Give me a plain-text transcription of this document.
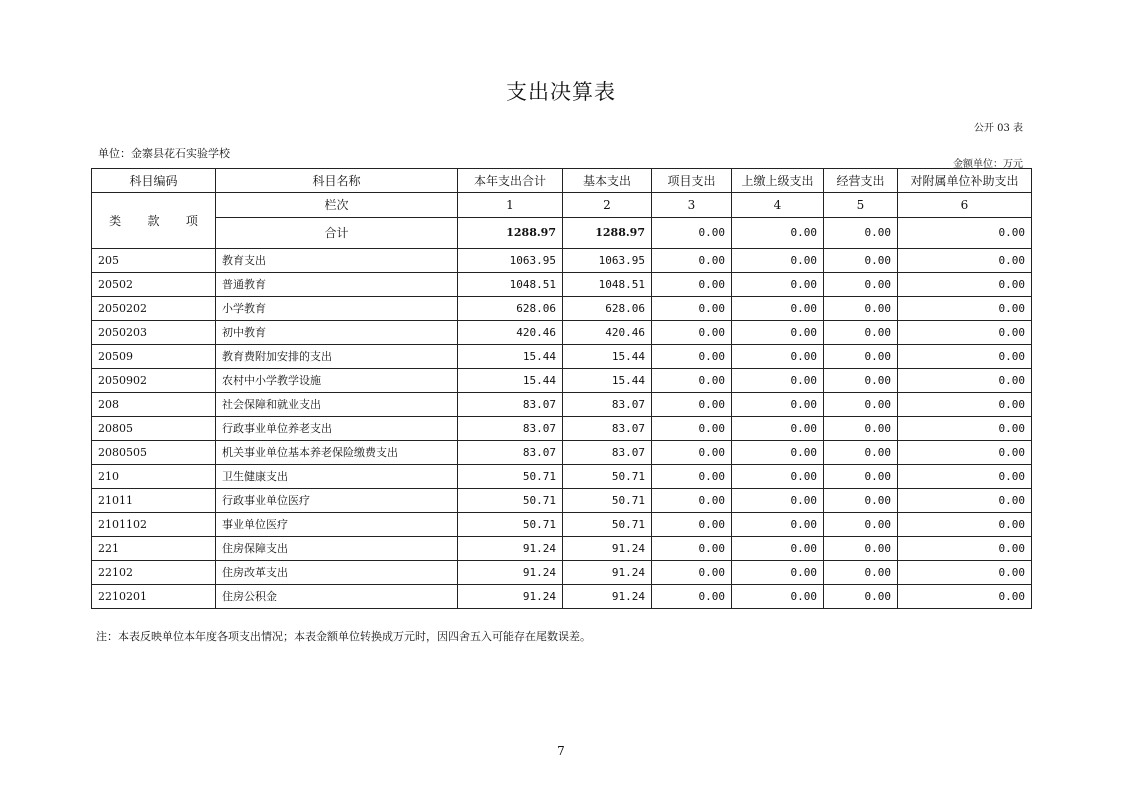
支出决算表
公开 03 表
单位：金寨县花石实验学校
金额单位：万元
科目编码	科目名称	本年支出合计	基本支出	项目支出	上缴上级支出	经营支出	对附属单位补助支出

类 款 项	栏次	1	2	3	4	5	6
	合计	1288.97	1288.97	0.00	0.00	0.00	0.00
205	教育支出	1063.95	1063.95	0.00	0.00	0.00	0.00
20502	普通教育	1048.51	1048.51	0.00	0.00	0.00	0.00
2050202	小学教育	628.06	628.06	0.00	0.00	0.00	0.00
2050203	初中教育	420.46	420.46	0.00	0.00	0.00	0.00
20509	教育费附加安排的支出	15.44	15.44	0.00	0.00	0.00	0.00
2050902	农村中小学教学设施	15.44	15.44	0.00	0.00	0.00	0.00
208	社会保障和就业支出	83.07	83.07	0.00	0.00	0.00	0.00
20805	行政事业单位养老支出	83.07	83.07	0.00	0.00	0.00	0.00
2080505	机关事业单位基本养老保险缴费支出	83.07	83.07	0.00	0.00	0.00	0.00
210	卫生健康支出	50.71	50.71	0.00	0.00	0.00	0.00
21011	行政事业单位医疗	50.71	50.71	0.00	0.00	0.00	0.00
2101102	事业单位医疗	50.71	50.71	0.00	0.00	0.00	0.00
221	住房保障支出	91.24	91.24	0.00	0.00	0.00	0.00
22102	住房改革支出	91.24	91.24	0.00	0.00	0.00	0.00
2210201	住房公积金	91.24	91.24	0.00	0.00	0.00	0.00
注：本表反映单位本年度各项支出情况；本表金额单位转换成万元时，因四舍五入可能存在尾数误差。
7
